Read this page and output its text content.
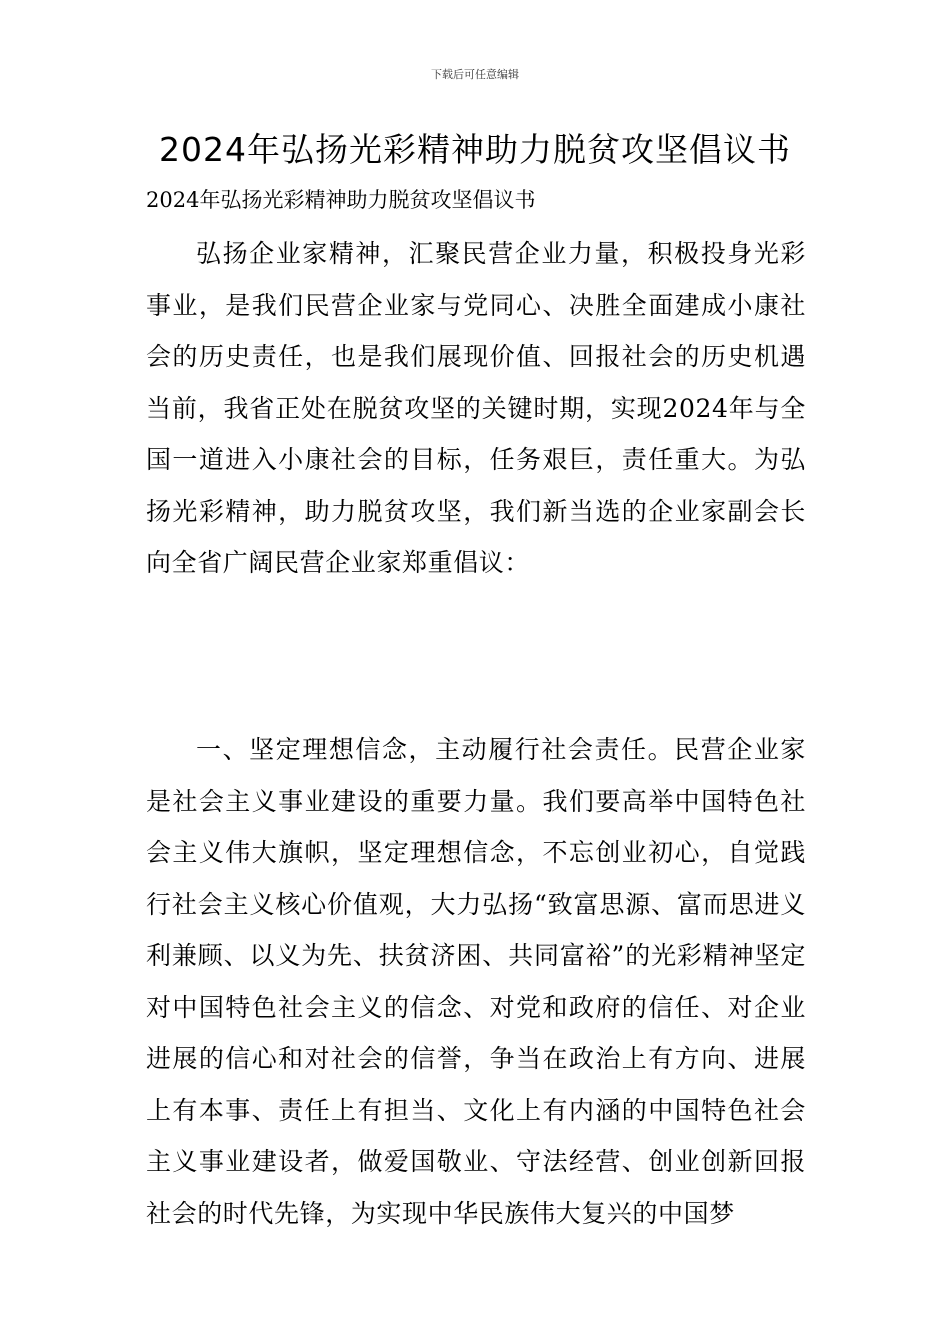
下载后可任意编辑
2024年弘扬光彩精神助力脱贫攻坚倡议书

2024年弘扬光彩精神助力脱贫攻坚倡议书

弘扬企业家精神，汇聚民营企业力量，积极投身光彩事业，是我们民营企业家与党同心、决胜全面建成小康社会的历史责任，也是我们展现价值、回报社会的历史机遇当前，我省正处在脱贫攻坚的关键时期，实现2024年与全国一道进入小康社会的目标，任务艰巨，责任重大。为弘扬光彩精神，助力脱贫攻坚，我们新当选的企业家副会长向全省广阔民营企业家郑重倡议：

一、坚定理想信念，主动履行社会责任。民营企业家是社会主义事业建设的重要力量。我们要高举中国特色社会主义伟大旗帜，坚定理想信念，不忘创业初心，自觉践行社会主义核心价值观，大力弘扬“致富思源、富而思进义利兼顾、以义为先、扶贫济困、共同富裕”的光彩精神坚定对中国特色社会主义的信念、对党和政府的信任、对企业进展的信心和对社会的信誉，争当在政治上有方向、进展上有本事、责任上有担当、文化上有内涵的中国特色社会主义事业建设者，做爱国敬业、守法经营、创业创新回报社会的时代先锋，为实现中华民族伟大复兴的中国梦
